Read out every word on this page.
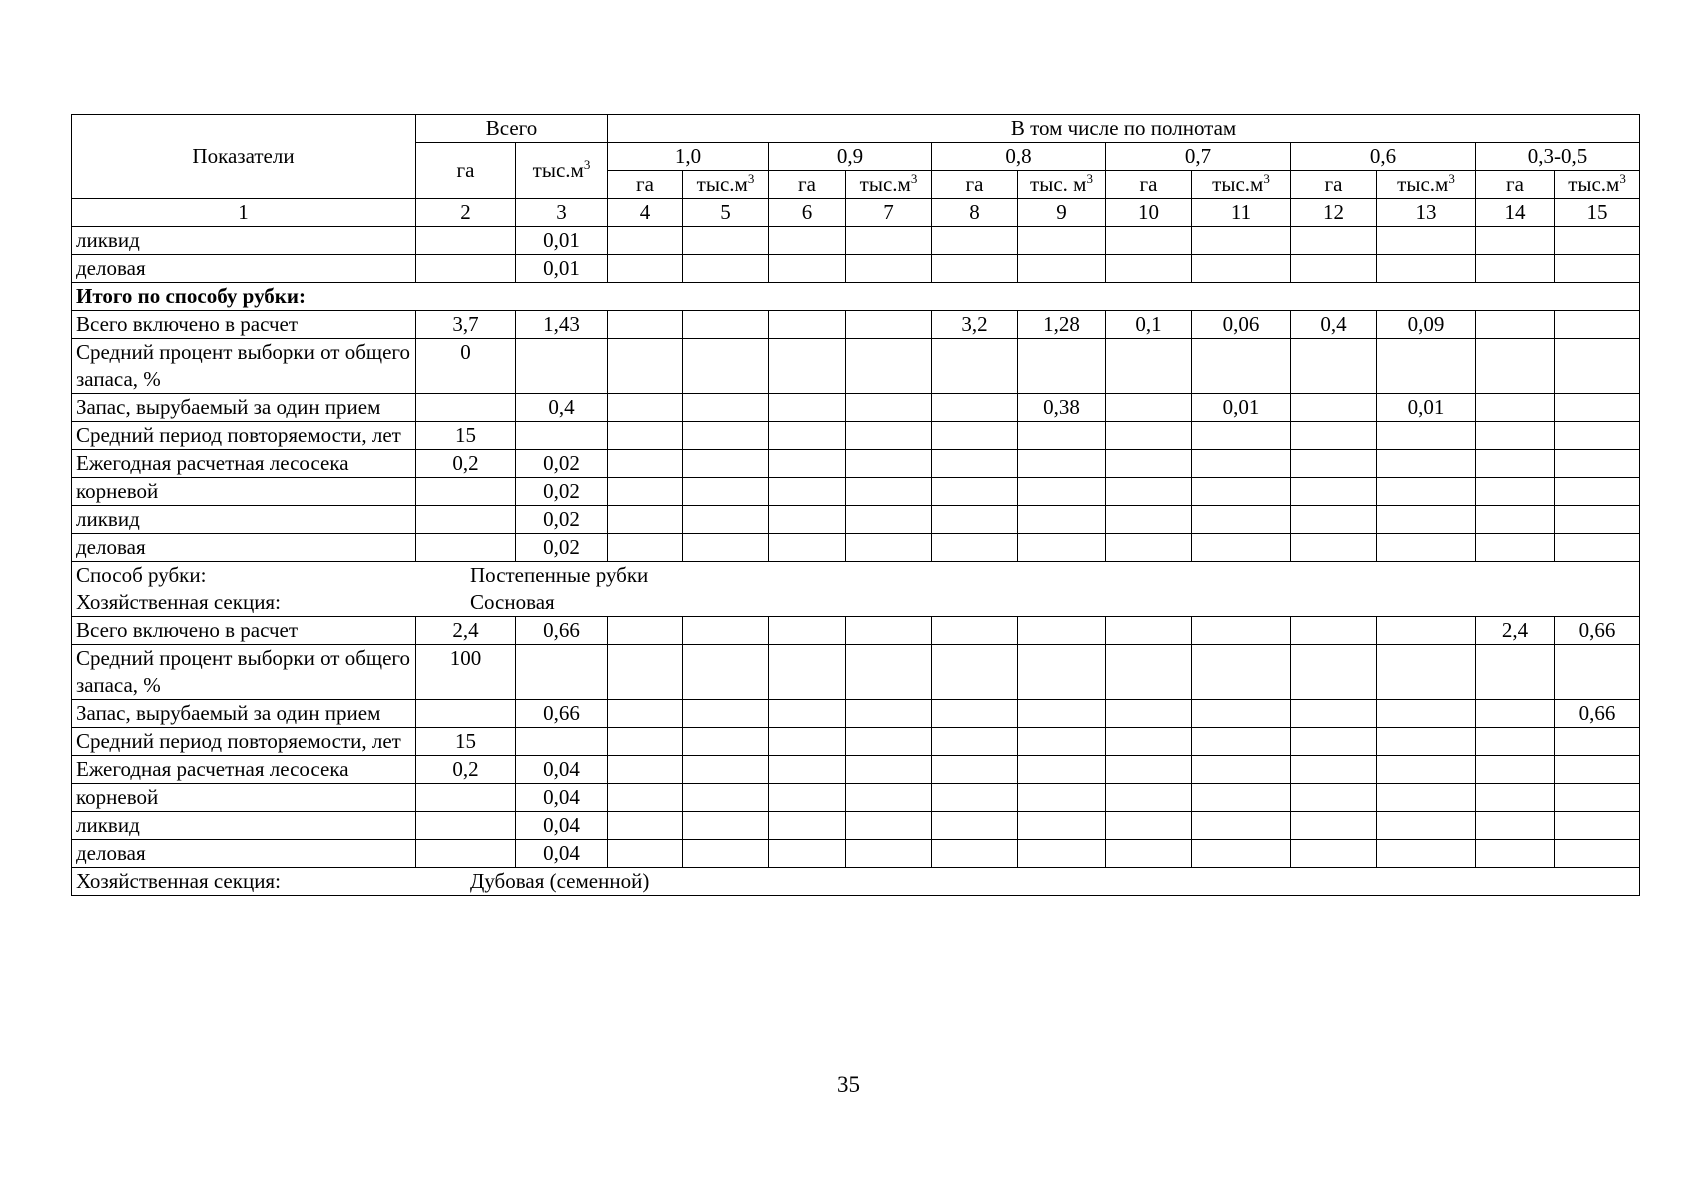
Показатели	Всего		В том числе по полнотам											
	га	$тыс.м^3$	1,0		0,9		0,8		0,7		0,6		0,3-0,5	
			га	$тыс.м^3$	га	$тыс.м^3$	га	тыс. $м^3$	га	$тыс.м^3$	га	$тыс.м^3$	га	$тыс.м^3$
1	2	3	4	5	6	7	8	9	10	11	12	13	14	15
ликвид		0,01												
деловая		0,01												
Итого по способу рубки:														
Всего включено в расчет	3,7	1,43					3,2	1,28	0,1	0,06	0,4	0,09		
Средний процент выборки от общего запаса, %	0													
Запас, вырубаемый за один прием		0,4						0,38		0,01		0,01		
Средний период повторяемости, лет	15													
Ежегодная расчетная лесосека	0,2	0,02												
корневой		0,02												
ликвид		0,02												
деловая		0,02												

Способ рубки: Постепенные рубки
Хозяйственная секция: Сосновая														

Всего включено в расчет	2,4	0,66											2,4	0,66
Средний процент выборки от общего запаса, %	100													
Запас, вырубаемый за один прием		0,66												0,66
Средний период повторяемости, лет	15													
Ежегодная расчетная лесосека	0,2	0,04												
корневой		0,04												
ликвид		0,04												
деловая		0,04												

Хозяйственная секция: Дубовая (семенной)														
35
